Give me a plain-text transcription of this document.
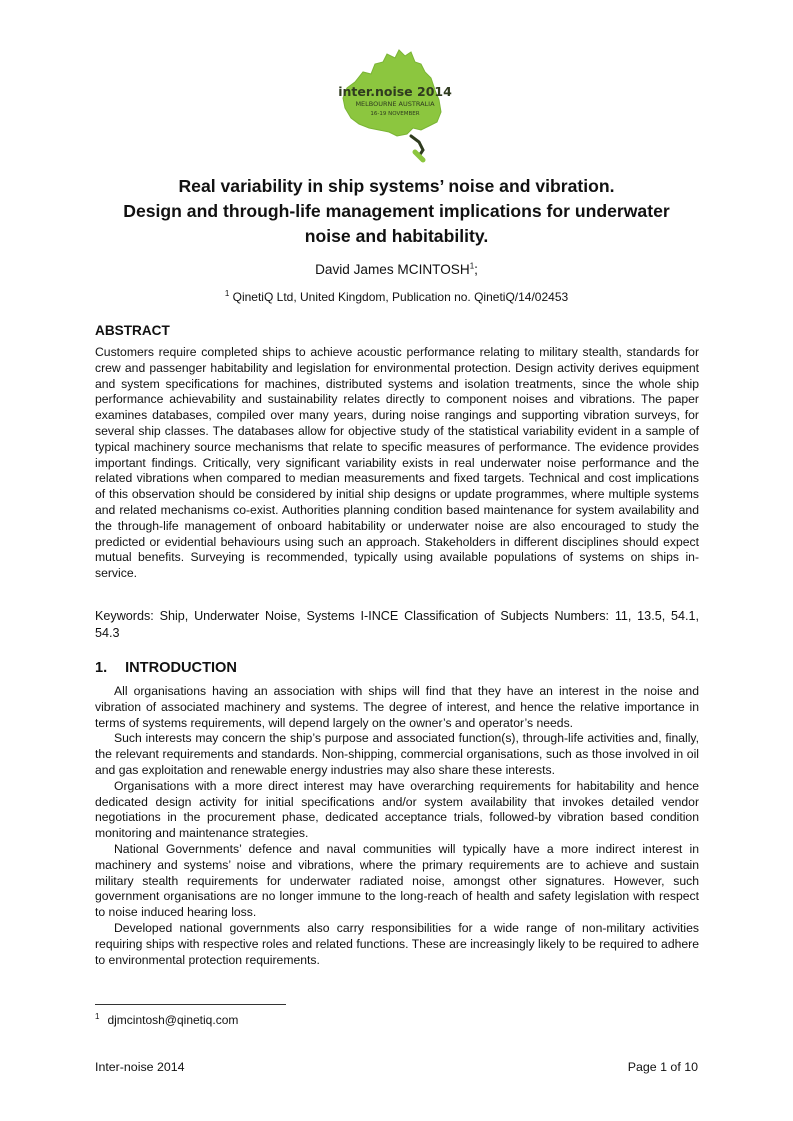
inter.noise 2014
MELBOURNE AUSTRALIA
16-19 NOVEMBER
Real variability in ship systems’ noise and vibration.
Design and through-life management implications for underwater
noise and habitability.
David James MCINTOSH$^1$;
$^1$ QinetiQ Ltd, United Kingdom, Publication no. QinetiQ/14/02453
ABSTRACT

Customers require completed ships to achieve acoustic performance relating to military stealth, standards for crew and passenger habitability and legislation for environmental protection. Design activity derives equipment and system specifications for machines, distributed systems and isolation treatments, since the whole ship performance achievability and sustainability relates directly to component noises and vibrations. The paper examines databases, compiled over many years, during noise rangings and supporting vibration surveys, for several ship classes. The databases allow for objective study of the statistical variability evident in a sample of typical machinery source mechanisms that relate to specific measures of performance. The evidence provides important findings. Critically, very significant variability exists in real underwater noise performance and the related vibrations when compared to median measurements and fixed targets. Technical and cost implications of this observation should be considered by initial ship designs or update programmes, where multiple systems and related mechanisms co-exist. Authorities planning condition based maintenance for system availability and the through-life management of onboard habitability or underwater noise are also encouraged to study the predicted or evidential behaviours using such an approach. Stakeholders in different disciplines should expect mutual benefits. Surveying is recommended, typically using available populations of systems on ships in-service.

Keywords: Ship, Underwater Noise, Systems I-INCE Classification of Subjects Numbers: 11, 13.5, 54.1, 54.3

1. INTRODUCTION

All organisations having an association with ships will find that they have an interest in the noise and vibration of associated machinery and systems. The degree of interest, and hence the relative importance in terms of systems requirements, will depend largely on the owner’s and operator’s needs.

Such interests may concern the ship’s purpose and associated function(s), through-life activities and, finally, the relevant requirements and standards. Non-shipping, commercial organisations, such as those involved in oil and gas exploitation and renewable energy industries may also share these interests.

Organisations with a more direct interest may have overarching requirements for habitability and hence dedicated design activity for initial specifications and/or system availability that invokes detailed vendor negotiations in the procurement phase, dedicated acceptance trials, followed-by vibration based condition monitoring and maintenance strategies.

National Governments’ defence and naval communities will typically have a more indirect interest in machinery and systems’ noise and vibrations, where the primary requirements are to achieve and sustain military stealth requirements for underwater radiated noise, amongst other signatures. However, such government organisations are no longer immune to the long-reach of health and safety legislation with respect to noise induced hearing loss.

Developed national governments also carry responsibilities for a wide range of non-military activities requiring ships with respective roles and related functions. These are increasingly likely to be required to adhere to environmental protection requirements.

$^1$ djmcintosh@qinetiq.com
Inter-noise 2014	Page 1 of 10
